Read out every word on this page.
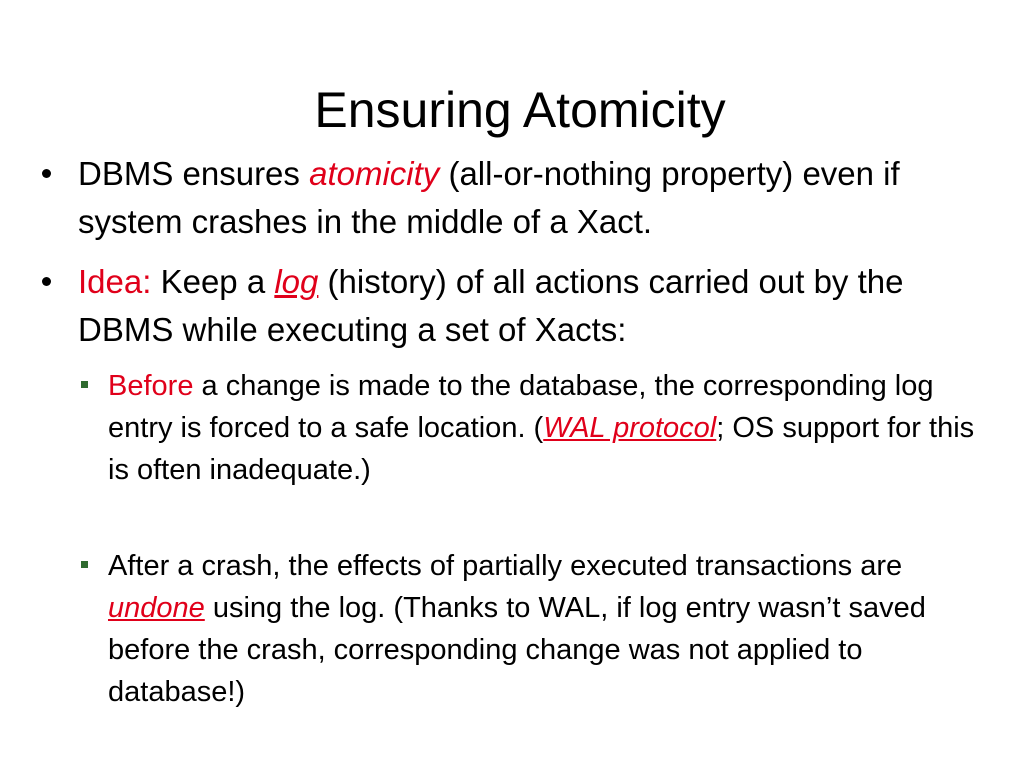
Ensuring Atomicity
DBMS ensures atomicity (all-or-nothing property) even if system crashes in the middle of a Xact.
Idea: Keep a log (history) of all actions carried out by the DBMS while executing a set of Xacts:
Before a change is made to the database, the corresponding log entry is forced to a safe location. (WAL protocol; OS support for this is often inadequate.)
After a crash, the effects of partially executed transactions are undone using the log. (Thanks to WAL, if log entry wasn’t saved before the crash, corresponding change was not applied to database!)
